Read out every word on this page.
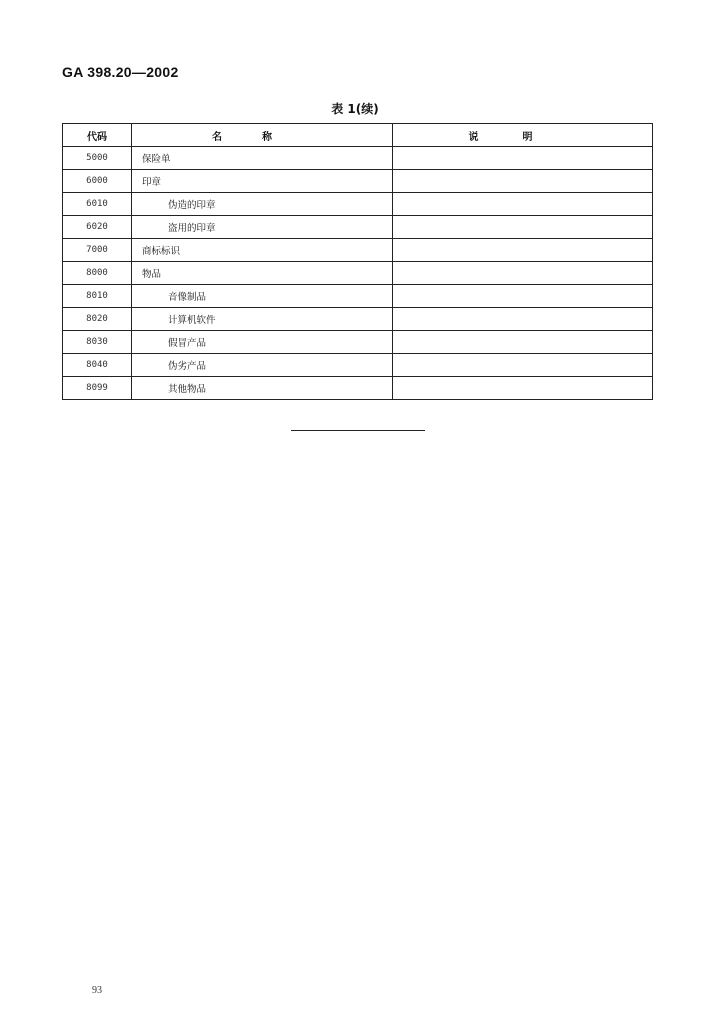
GA 398.20—2002
表 1(续)
代码	名称	说明
5000	保险单	
6000	印章	
6010	伪造的印章	
6020	盗用的印章	
7000	商标标识	
8000	物品	
8010	音像制品	
8020	计算机软件	
8030	假冒产品	
8040	伪劣产品	
8099	其他物品	
93
